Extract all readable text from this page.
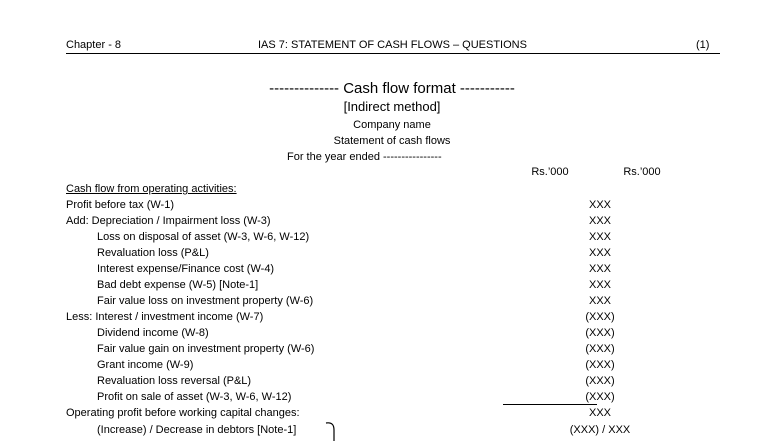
Chapter - 8	IAS 7: STATEMENT OF CASH FLOWS – QUESTIONS	(1)
-------------- Cash flow format -----------
[Indirect method]
Company name
Statement of cash flows
For the year ended ----------------
Rs.’000	Rs.’000
Cash flow from operating activities:
Profit before tax (W-1)	XXX
Add: Depreciation / Impairment loss (W-3)	XXX
Loss on disposal of asset (W-3, W-6, W-12)	XXX
Revaluation loss (P&L)	XXX
Interest expense/Finance cost (W-4)	XXX
Bad debt expense (W-5) [Note-1]	XXX
Fair value loss on investment property (W-6)	XXX
Less: Interest / investment income (W-7)	(XXX)
Dividend income (W-8)	(XXX)
Fair value gain on investment property (W-6)	(XXX)
Grant income (W-9)	(XXX)
Revaluation loss reversal (P&L)	(XXX)
Profit on sale of asset (W-3, W-6, W-12)	(XXX)
Operating profit before working capital changes:	XXX
(Increase) / Decrease in debtors [Note-1]	(XXX) / XXX
